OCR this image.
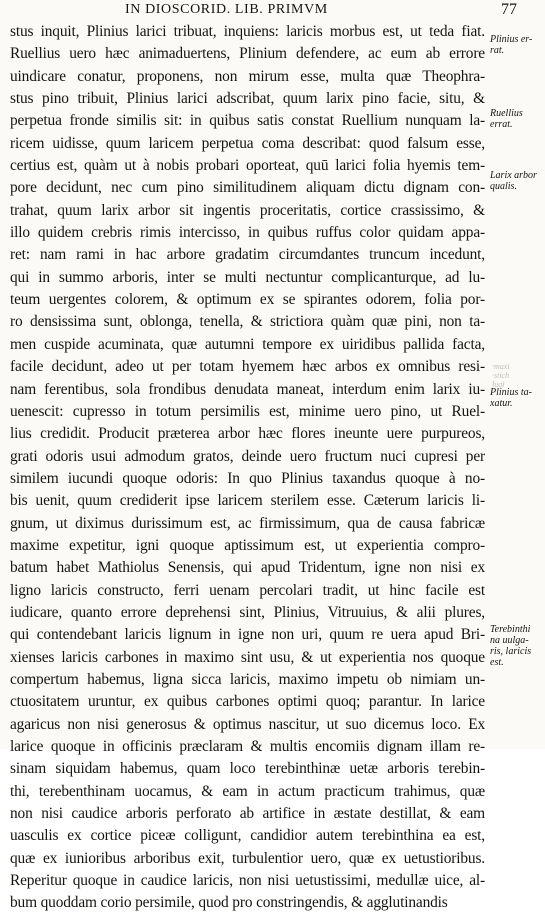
IN DIOSCORID. LIB. PRIMVM	77
stus inquit, Plinius larici tribuat, inquiens: laricis morbus est, ut teda fiat.
Ruellius uero hæc animaduertens, Plinium defendere, ac eum ab errore
uindicare conatur, proponens, non mirum esse, multa quæ Theophra-
stus pino tribuit, Plinius larici adscribat, quum larix pino facie, situ, &
perpetua fronde similis sit: in quibus satis constat Ruellium nunquam la-
ricem uidisse, quum laricem perpetua coma describat: quod falsum esse,
certius est, quàm ut à nobis probari oporteat, quū larici folia hyemis tem-
pore decidunt, nec cum pino similitudinem aliquam dictu dignam con-
trahat, quum larix arbor sit ingentis proceritatis, cortice crassissimo, &
illo quidem crebris rimis intercisso, in quibus ruffus color quidam appa-
ret: nam rami in hac arbore gradatim circumdantes truncum incedunt,
qui in summo arboris, inter se multi nectuntur complicanturque, ad lu-
teum uergentes colorem, & optimum ex se spirantes odorem, folia por-
ro densissima sunt, oblonga, tenella, & strictiora quàm quæ pini, non ta-
men cuspide acuminata, quæ autumni tempore ex uiridibus pallida facta,
facile decidunt, adeo ut per totam hyemem hæc arbos ex omnibus resi-
nam ferentibus, sola frondibus denudata maneat, interdum enim larix iu-
uenescit: cupresso in totum persimilis est, minime uero pino, ut Ruel-
lius credidit. Producit præterea arbor hæc flores ineunte uere purpureos,
grati odoris usui admodum gratos, deinde uero fructum nuci cupresi per
similem iucundi quoque odoris: In quo Plinius taxandus quoque à no-
bis uenit, quum crediderit ipse laricem sterilem esse. Cæterum laricis li-
gnum, ut diximus durissimum est, ac firmissimum, qua de causa fabricæ
maxime expetitur, igni quoque aptissimum est, ut experientia compro-
batum habet Mathiolus Senensis, qui apud Tridentum, igne non nisi ex
ligno laricis constructo, ferri uenam percolari tradit, ut hinc facile est
iudicare, quanto errore deprehensi sint, Plinius, Vitruuius, & alii plures,
qui contendebant laricis lignum in igne non uri, quum re uera apud Bri-
xienses laricis carbones in maximo sint usu, & ut experientia nos quoque
compertum habemus, ligna sicca laricis, maximo impetu ob nimiam un-
ctuositatem uruntur, ex quibus carbones optimi quoq; parantur. In larice
agaricus non nisi generosus & optimus nascitur, ut suo dicemus loco. Ex
larice quoque in officinis præclaram & multis encomiis dignam illam re-
sinam siquidam habemus, quam loco terebinthinæ uetæ arboris terebin-
thi, terebenthinam uocamus, & eam in actum practicum trahimus, quæ
non nisi caudice arboris perforato ab artifice in æstate destillat, & eam
uasculis ex cortice piceæ colligunt, candidior autem terebinthina ea est,
quæ ex iunioribus arboribus exit, turbulentior uero, quæ ex uetustioribus.
Reperitur quoque in caudice laricis, non nisi uetustissimi, medullæ uice, al-
bum quoddam corio persimile, quod pro constringendis, & agglutinandis
Plinius er-
rat.
Ruellius
errat.
Larix arbor
qualis.
Plinius ta-
xatur.
Terebinthi
na uulga-
ris, laricis
est.
·maxi
·stich
lugi
